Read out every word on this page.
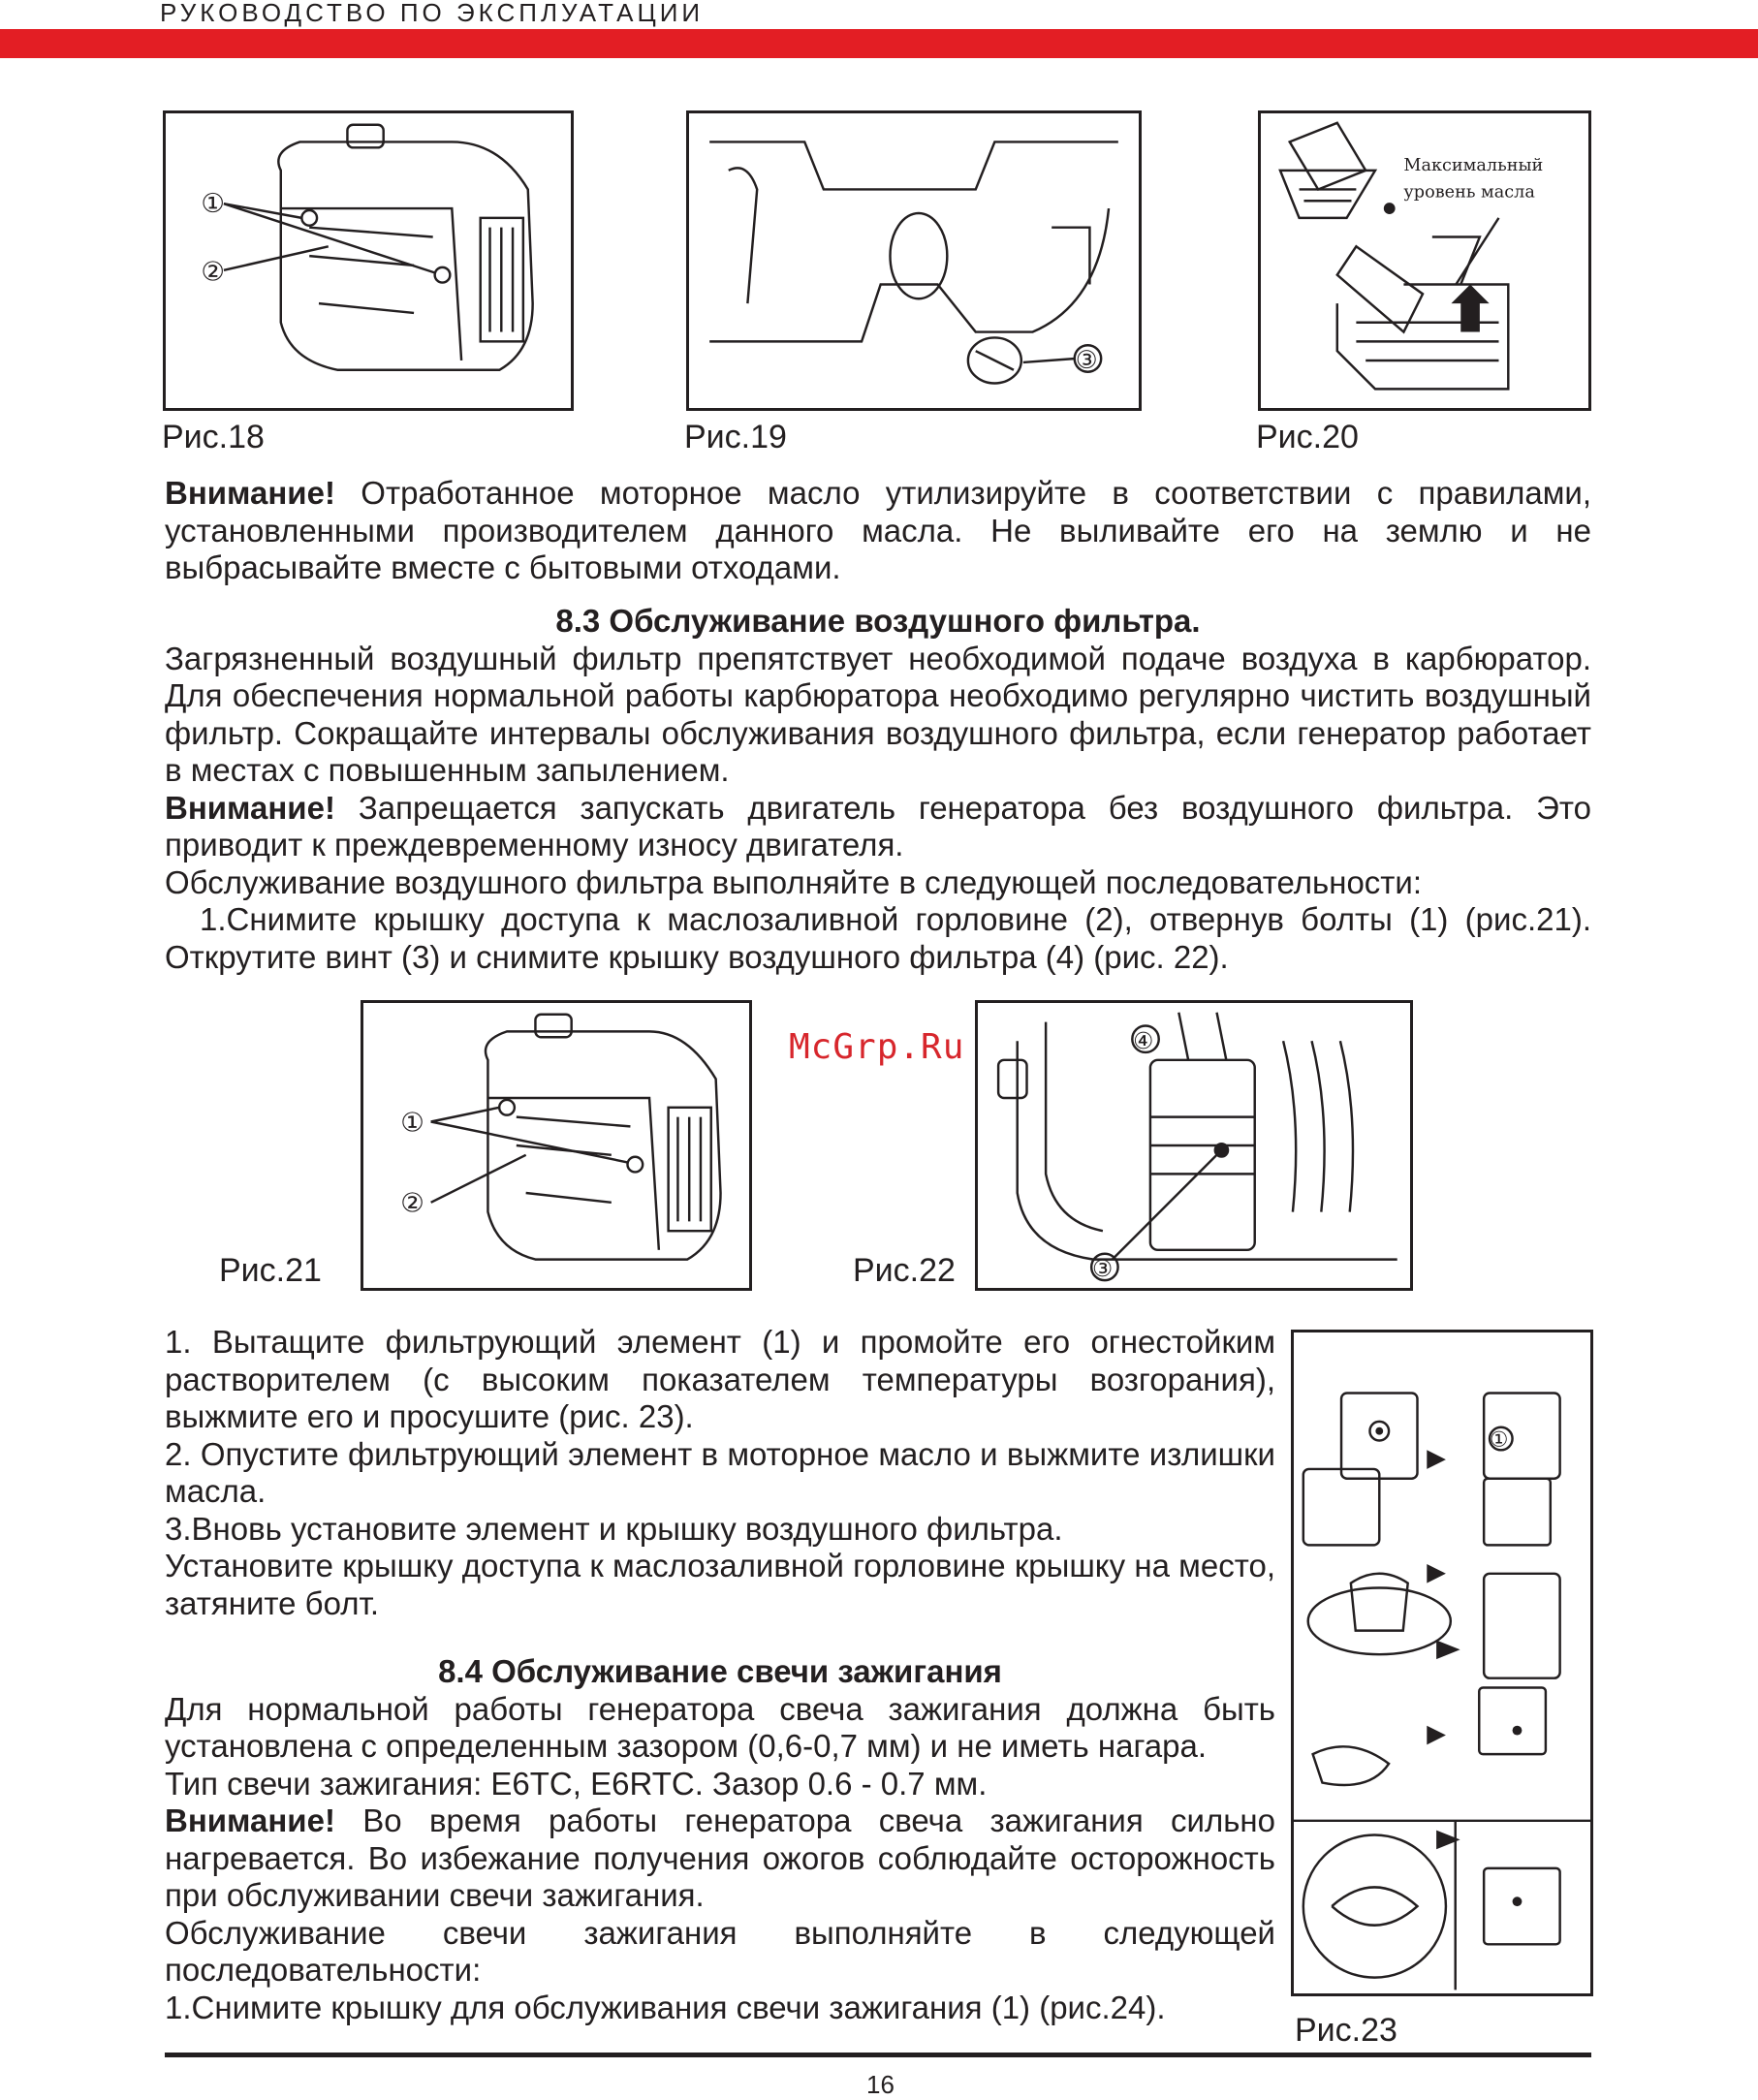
РУКОВОДСТВО ПО ЭКСПЛУАТАЦИИ
①
②
Рис.18
③
Рис.19
Максимальный
уровень масла
Рис.20

Внимание! Отработанное моторное масло утилизируйте в соответствии с правилами, установленными производителем данного масла. Не выливайте его на землю и не выбрасывайте вместе с бытовыми отходами.

8.3 Обслуживание воздушного фильтра.

Загрязненный воздушный фильтр препятствует необходимой подаче воздуха в карбюратор. Для обеспечения нормальной работы карбюратора необходимо регулярно чистить воздушный фильтр. Сокращайте интервалы обслуживания воздушного фильтра, если генератор работает в местах с повышенным запылением.

Внимание! Запрещается запускать двигатель генератора без воздушного фильтра. Это приводит к преждевременному износу двигателя.

Обслуживание воздушного фильтра выполняйте в следующей последовательности:

1.Снимите крышку доступа к маслозаливной горловине (2), отвернув болты (1) (рис.21). Открутите винт (3) и снимите крышку воздушного фильтра (4) (рис. 22).

Рис.21
①
②
McGrp.Ru
Рис.22	③
④

1. Вытащите фильтрующий элемент (1) и промойте его огнестойким растворителем (с высоким показателем температуры возгорания), выжмите его и просушите (рис. 23).

2. Опустите фильтрующий элемент в моторное масло и выжмите излишки масла.

3.Вновь установите элемент и крышку воздушного фильтра.

Установите крышку доступа к маслозаливной горловине крышку на место, затяните болт.

8.4 Обслуживание свечи зажигания

Для нормальной работы генератора свеча зажигания должна быть установлена с определенным зазором (0,6-0,7 мм) и не иметь нагара.

Тип свечи зажигания: E6TC, E6RTC. Зазор 0.6 - 0.7 мм.

Внимание! Во время работы генератора свеча зажигания сильно нагревается. Во избежание получения ожогов соблюдайте осторожность при обслуживании свечи зажигания.

Обслуживание свечи зажигания выполняйте в следующей последовательности:

1.Снимите крышку для обслуживания свечи зажигания (1) (рис.24).

①
Рис.23
16
